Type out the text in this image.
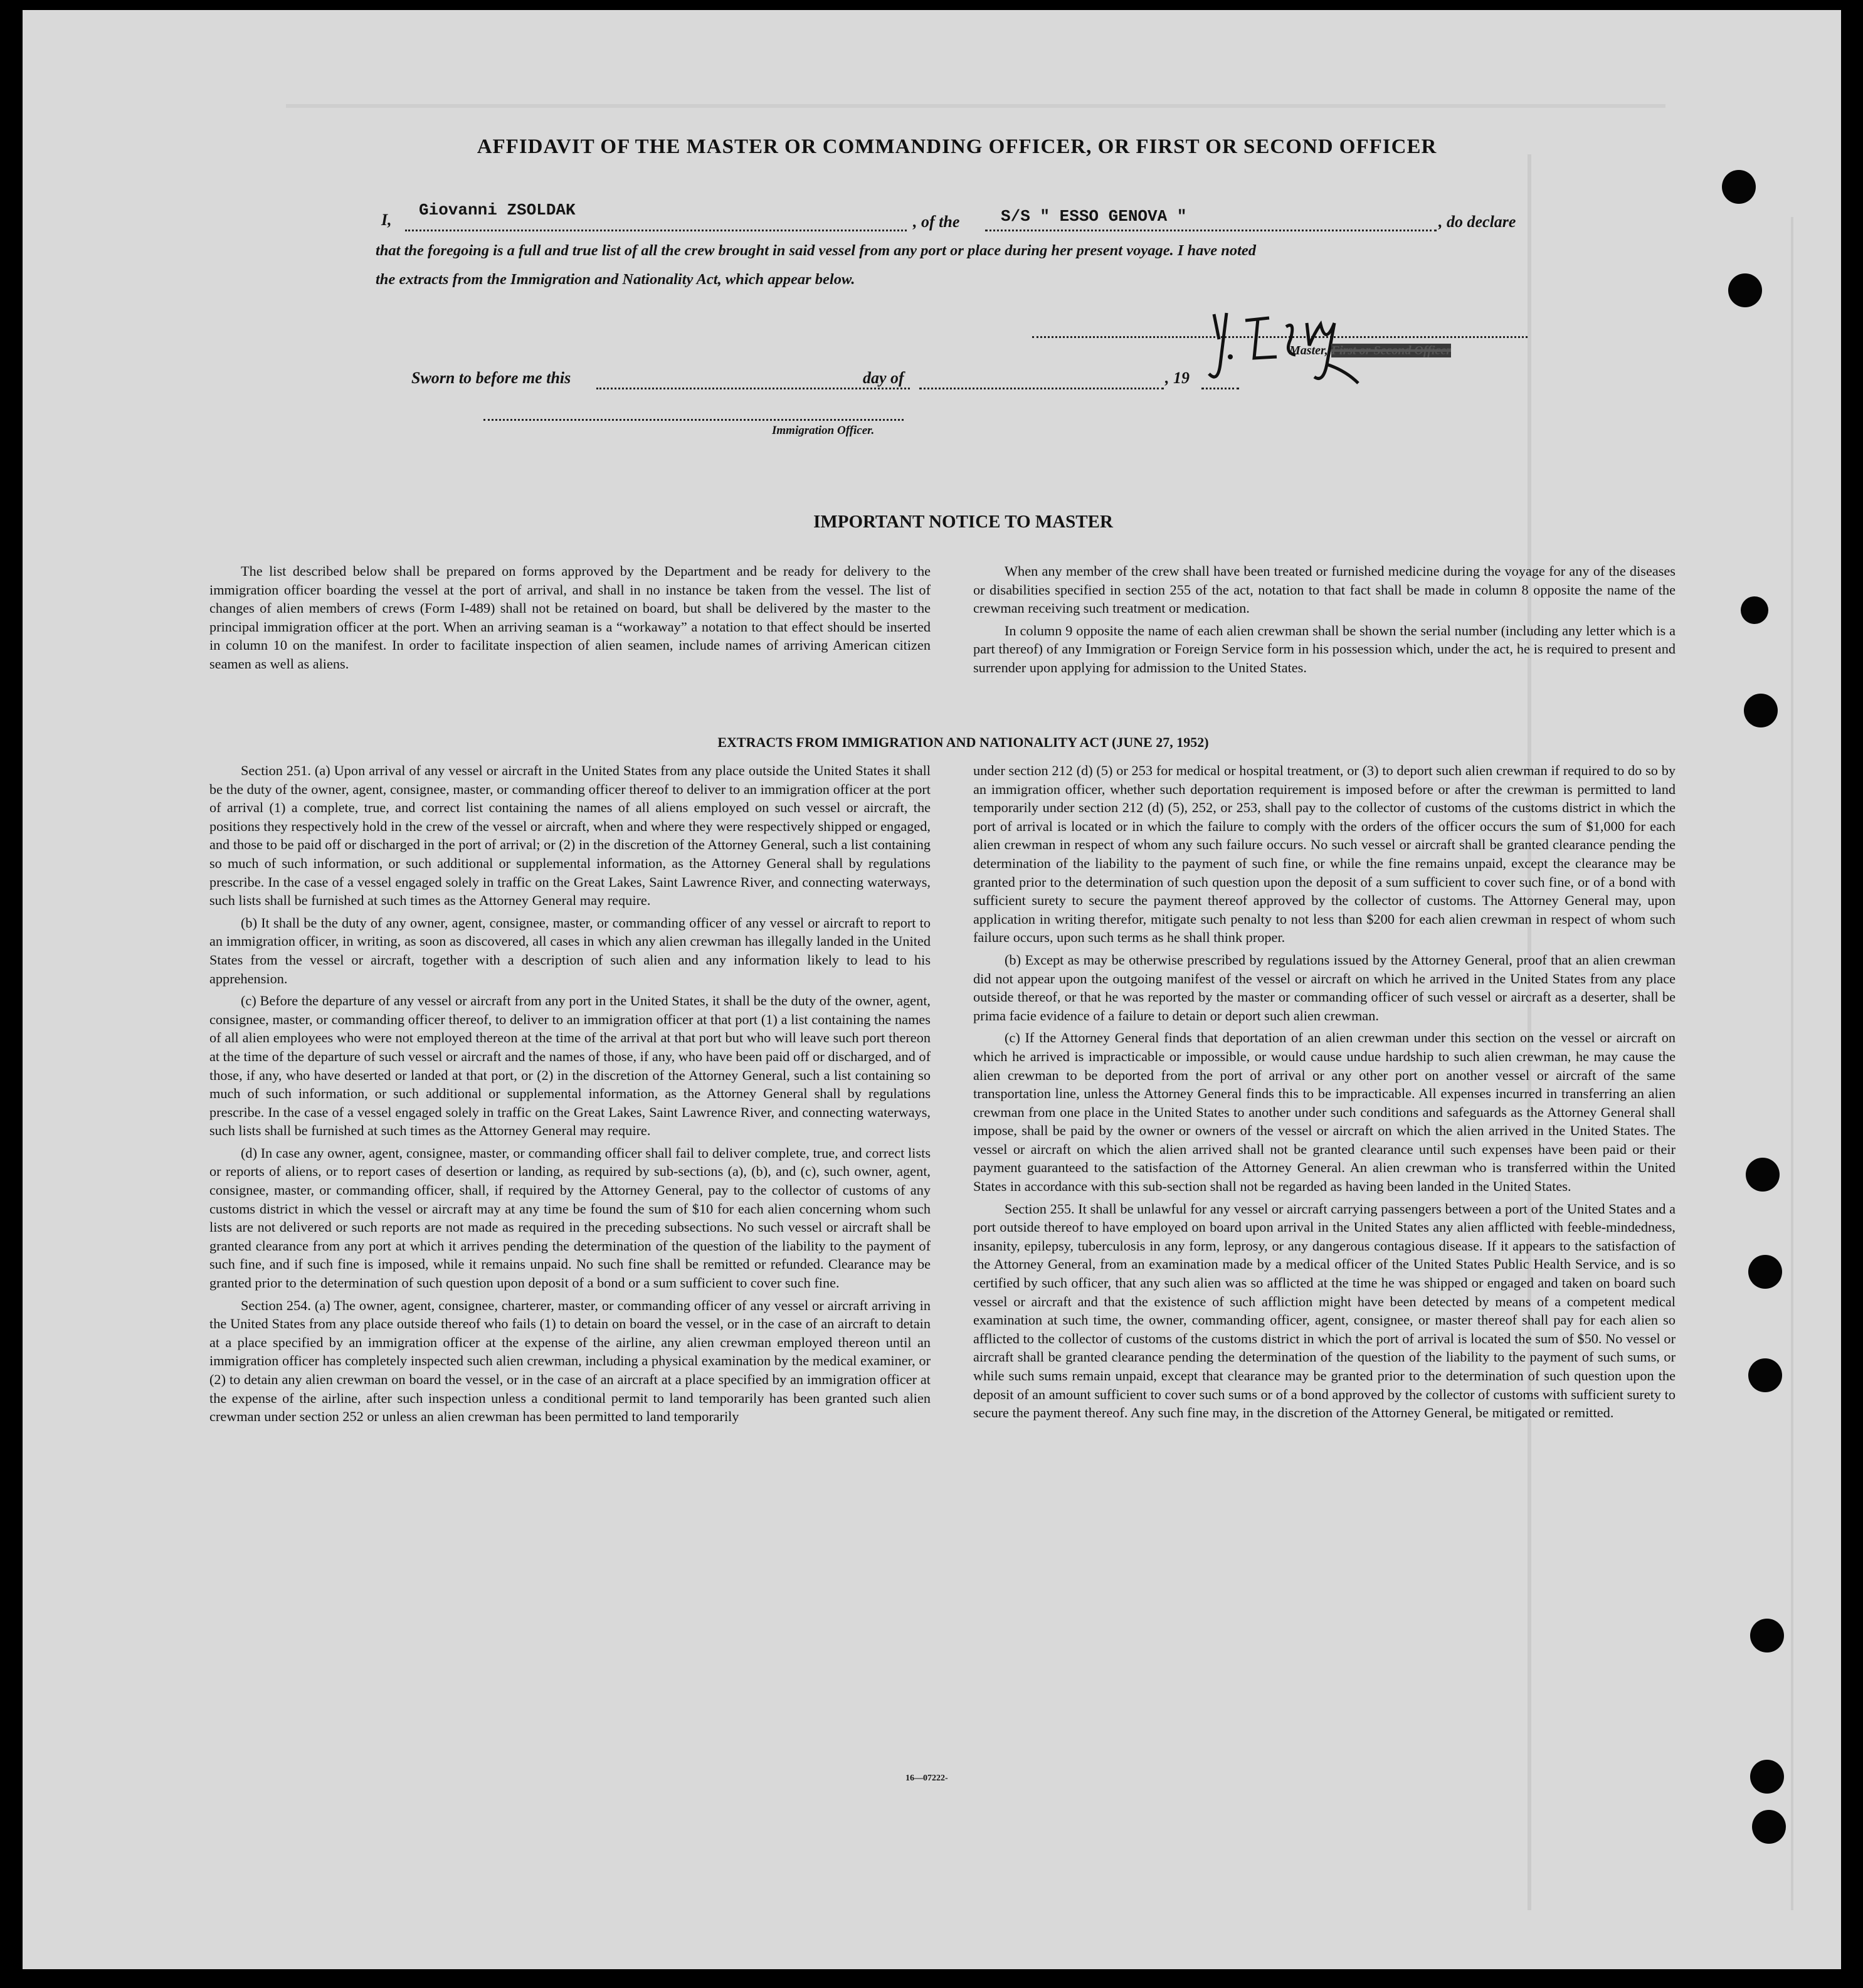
AFFIDAVIT OF THE MASTER OR COMMANDING OFFICER, OR FIRST OR SECOND OFFICER
I,
Giovanni ZSOLDAK
, of the	S/S " ESSO GENOVA "	, do declare
that the foregoing is a full and true list of all the crew brought in said vessel from any port or place during her present voyage. I have noted
the extracts from the Immigration and Nationality Act, which appear below.
Master, First or Second Officer
Sworn to before me this	day of	, 19
Immigration Officer.
IMPORTANT NOTICE TO MASTER

The list described below shall be prepared on forms approved by the Department and be ready for delivery to the immigration officer boarding the vessel at the port of arrival, and shall in no instance be taken from the vessel. The list of changes of alien members of crews (Form I-489) shall not be retained on board, but shall be delivered by the master to the principal immigration officer at the port. When an arriving seaman is a “workaway” a notation to that effect should be inserted in column 10 on the manifest. In order to facilitate inspection of alien seamen, include names of arriving American citizen seamen as well as aliens.

When any member of the crew shall have been treated or furnished medicine during the voyage for any of the diseases or disabilities specified in section 255 of the act, notation to that fact shall be made in column 8 opposite the name of the crewman receiving such treatment or medication.

In column 9 opposite the name of each alien crewman shall be shown the serial number (including any letter which is a part thereof) of any Immigration or Foreign Service form in his possession which, under the act, he is required to present and surrender upon applying for admission to the United States.

EXTRACTS FROM IMMIGRATION AND NATIONALITY ACT (JUNE 27, 1952)

Section 251. (a) Upon arrival of any vessel or aircraft in the United States from any place outside the United States it shall be the duty of the owner, agent, consignee, master, or commanding officer thereof to deliver to an immigration officer at the port of arrival (1) a complete, true, and correct list containing the names of all aliens employed on such vessel or aircraft, the positions they respectively hold in the crew of the vessel or aircraft, when and where they were respectively shipped or engaged, and those to be paid off or discharged in the port of arrival; or (2) in the discretion of the Attorney General, such a list containing so much of such information, or such additional or supplemental information, as the Attorney General shall by regulations prescribe. In the case of a vessel engaged solely in traffic on the Great Lakes, Saint Lawrence River, and connecting waterways, such lists shall be furnished at such times as the Attorney General may require.

(b) It shall be the duty of any owner, agent, consignee, master, or commanding officer of any vessel or aircraft to report to an immigration officer, in writing, as soon as discovered, all cases in which any alien crewman has illegally landed in the United States from the vessel or aircraft, together with a description of such alien and any information likely to lead to his apprehension.

(c) Before the departure of any vessel or aircraft from any port in the United States, it shall be the duty of the owner, agent, consignee, master, or commanding officer thereof, to deliver to an immigration officer at that port (1) a list containing the names of all alien employees who were not employed thereon at the time of the arrival at that port but who will leave such port thereon at the time of the departure of such vessel or aircraft and the names of those, if any, who have been paid off or discharged, and of those, if any, who have deserted or landed at that port, or (2) in the discretion of the Attorney General, such a list containing so much of such information, or such additional or supplemental information, as the Attorney General shall by regulations prescribe. In the case of a vessel engaged solely in traffic on the Great Lakes, Saint Lawrence River, and connecting waterways, such lists shall be furnished at such times as the Attorney General may require.

(d) In case any owner, agent, consignee, master, or commanding officer shall fail to deliver complete, true, and correct lists or reports of aliens, or to report cases of desertion or landing, as required by sub-sections (a), (b), and (c), such owner, agent, consignee, master, or commanding officer, shall, if required by the Attorney General, pay to the collector of customs of any customs district in which the vessel or aircraft may at any time be found the sum of $10 for each alien concerning whom such lists are not delivered or such reports are not made as required in the preceding subsections. No such vessel or aircraft shall be granted clearance from any port at which it arrives pending the determination of the question of the liability to the payment of such fine, and if such fine is imposed, while it remains unpaid. No such fine shall be remitted or refunded. Clearance may be granted prior to the determination of such question upon deposit of a bond or a sum sufficient to cover such fine.

Section 254. (a) The owner, agent, consignee, charterer, master, or commanding officer of any vessel or aircraft arriving in the United States from any place outside thereof who fails (1) to detain on board the vessel, or in the case of an aircraft to detain at a place specified by an immigration officer at the expense of the airline, any alien crewman employed thereon until an immigration officer has completely inspected such alien crewman, including a physical examination by the medical examiner, or (2) to detain any alien crewman on board the vessel, or in the case of an aircraft at a place specified by an immigration officer at the expense of the airline, after such inspection unless a conditional permit to land temporarily has been granted such alien crewman under section 252 or unless an alien crewman has been permitted to land temporarily

under section 212 (d) (5) or 253 for medical or hospital treatment, or (3) to deport such alien crewman if required to do so by an immigration officer, whether such deportation requirement is imposed before or after the crewman is permitted to land temporarily under section 212 (d) (5), 252, or 253, shall pay to the collector of customs of the customs district in which the port of arrival is located or in which the failure to comply with the orders of the officer occurs the sum of $1,000 for each alien crewman in respect of whom any such failure occurs. No such vessel or aircraft shall be granted clearance pending the determination of the liability to the payment of such fine, or while the fine remains unpaid, except the clearance may be granted prior to the determination of such question upon the deposit of a sum sufficient to cover such fine, or of a bond with sufficient surety to secure the payment thereof approved by the collector of customs. The Attorney General may, upon application in writing therefor, mitigate such penalty to not less than $200 for each alien crewman in respect of whom such failure occurs, upon such terms as he shall think proper.

(b) Except as may be otherwise prescribed by regulations issued by the Attorney General, proof that an alien crewman did not appear upon the outgoing manifest of the vessel or aircraft on which he arrived in the United States from any place outside thereof, or that he was reported by the master or commanding officer of such vessel or aircraft as a deserter, shall be prima facie evidence of a failure to detain or deport such alien crewman.

(c) If the Attorney General finds that deportation of an alien crewman under this section on the vessel or aircraft on which he arrived is impracticable or impossible, or would cause undue hardship to such alien crewman, he may cause the alien crewman to be deported from the port of arrival or any other port on another vessel or aircraft of the same transportation line, unless the Attorney General finds this to be impracticable. All expenses incurred in transferring an alien crewman from one place in the United States to another under such conditions and safeguards as the Attorney General shall impose, shall be paid by the owner or owners of the vessel or aircraft on which the alien arrived in the United States. The vessel or aircraft on which the alien arrived shall not be granted clearance until such expenses have been paid or their payment guaranteed to the satisfaction of the Attorney General. An alien crewman who is transferred within the United States in accordance with this sub-section shall not be regarded as having been landed in the United States.

Section 255. It shall be unlawful for any vessel or aircraft carrying passengers between a port of the United States and a port outside thereof to have employed on board upon arrival in the United States any alien afflicted with feeble-mindedness, insanity, epilepsy, tuberculosis in any form, leprosy, or any dangerous contagious disease. If it appears to the satisfaction of the Attorney General, from an examination made by a medical officer of the United States Public Health Service, and is so certified by such officer, that any such alien was so afflicted at the time he was shipped or engaged and taken on board such vessel or aircraft and that the existence of such affliction might have been detected by means of a competent medical examination at such time, the owner, commanding officer, agent, consignee, or master thereof shall pay for each alien so afflicted to the collector of customs of the customs district in which the port of arrival is located the sum of $50. No vessel or aircraft shall be granted clearance pending the determination of the question of the liability to the payment of such sums, or while such sums remain unpaid, except that clearance may be granted prior to the determination of such question upon the deposit of an amount sufficient to cover such sums or of a bond approved by the collector of customs with sufficient surety to secure the payment thereof. Any such fine may, in the discretion of the Attorney General, be mitigated or remitted.

16—07222-
